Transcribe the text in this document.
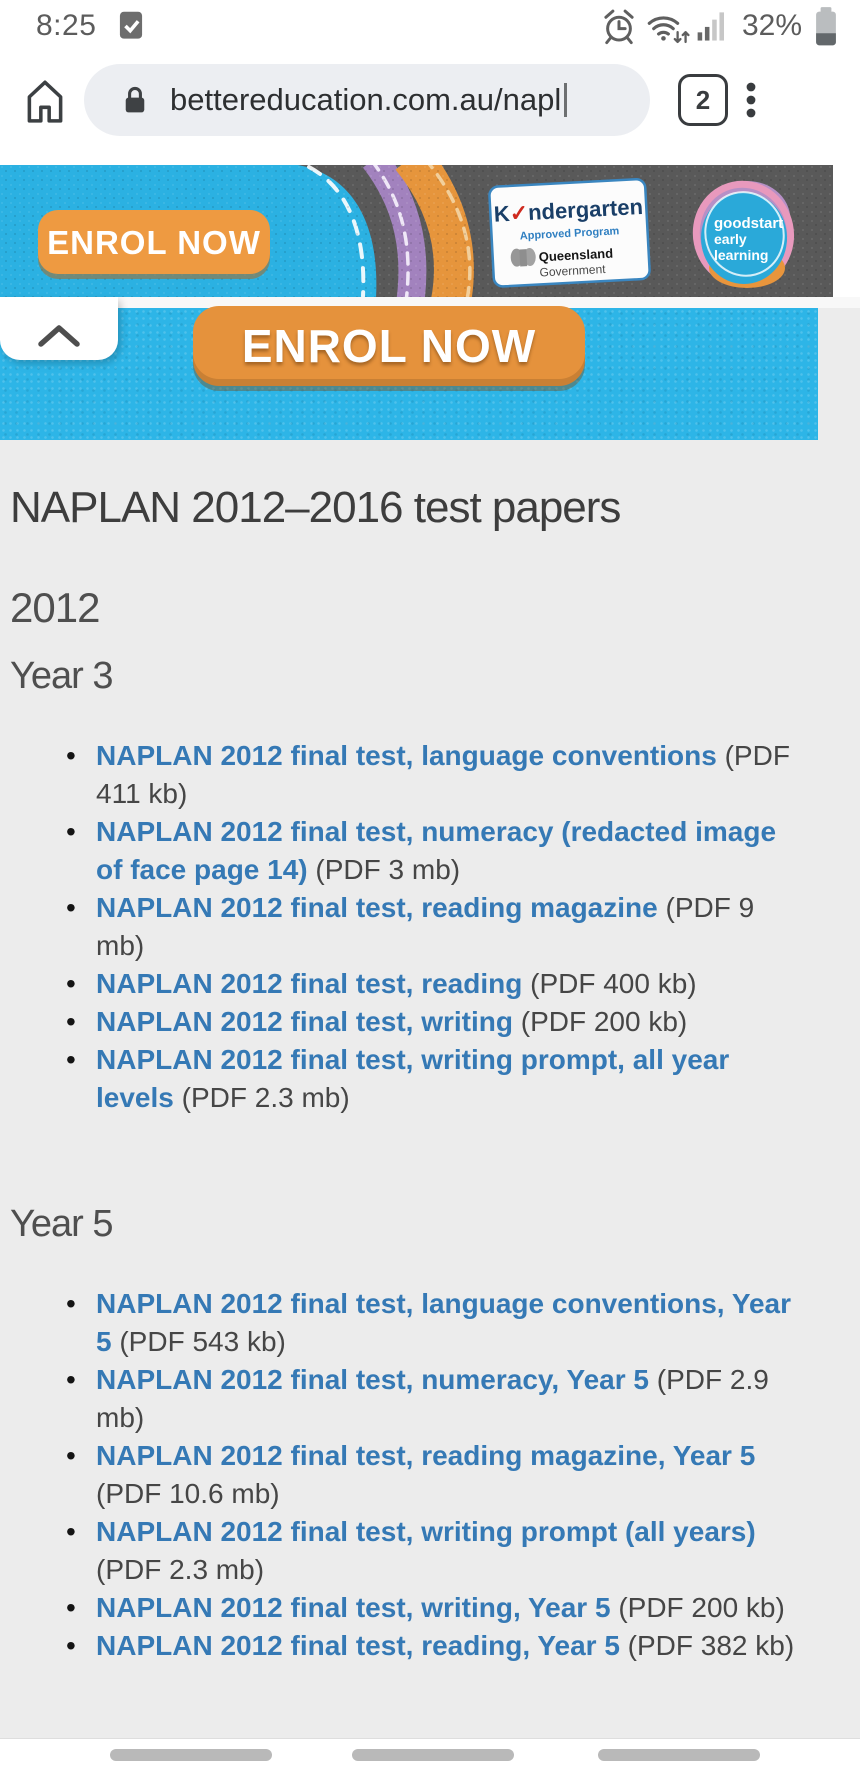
8:25	32%
bettereducation.com.au/napl	2
ENROL NOW
K✓ndergarten
Approved Program
Queensland
Government
goodstart
early
learning
ENROL NOW
NAPLAN 2012–2016 test papers
2012
Year 3
• NAPLAN 2012 final test, language conventions (PDF 411 kb)
• NAPLAN 2012 final test, numeracy (redacted image of face page 14) (PDF 3 mb)
• NAPLAN 2012 final test, reading magazine (PDF 9 mb)
• NAPLAN 2012 final test, reading (PDF 400 kb)
• NAPLAN 2012 final test, writing (PDF 200 kb)
• NAPLAN 2012 final test, writing prompt, all year levels (PDF 2.3 mb)
Year 5
• NAPLAN 2012 final test, language conventions, Year 5 (PDF 543 kb)
• NAPLAN 2012 final test, numeracy, Year 5 (PDF 2.9 mb)
• NAPLAN 2012 final test, reading magazine, Year 5 (PDF 10.6 mb)
• NAPLAN 2012 final test, writing prompt (all years) (PDF 2.3 mb)
• NAPLAN 2012 final test, writing, Year 5 (PDF 200 kb)
• NAPLAN 2012 final test, reading, Year 5 (PDF 382 kb)
